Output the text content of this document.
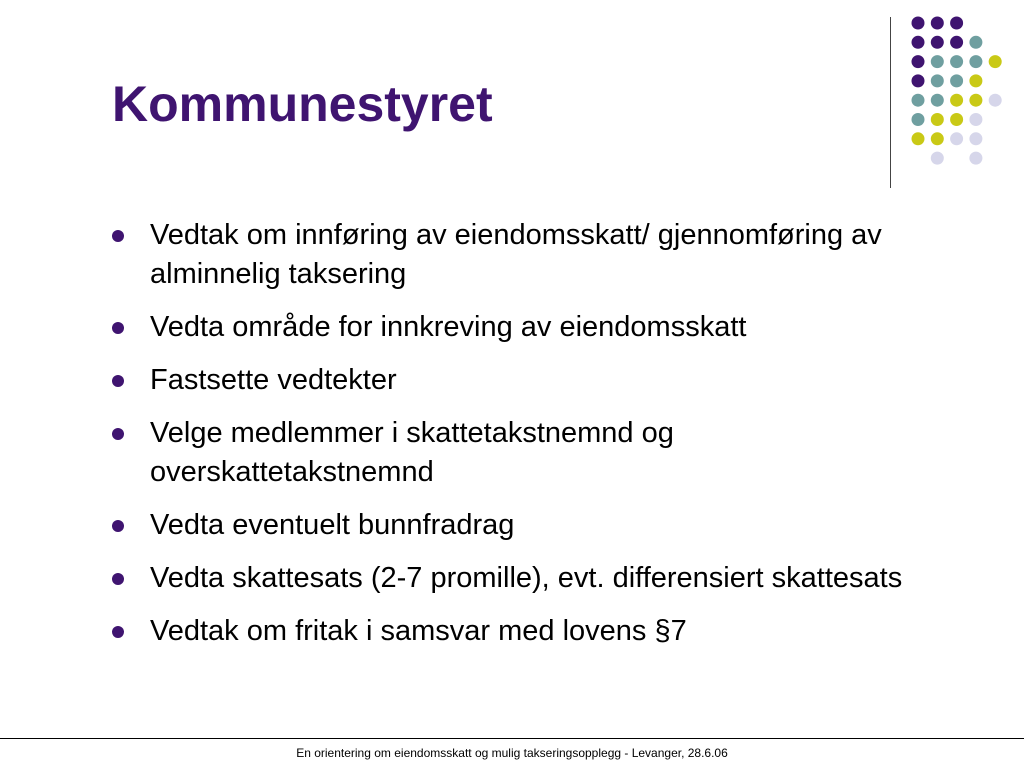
Kommunestyret
Vedtak om innføring av eiendomsskatt/ gjennomføring av alminnelig taksering
Vedta område for innkreving av eiendomsskatt
Fastsette vedtekter
Velge medlemmer i skattetakstnemnd og overskattetakstnemnd
Vedta eventuelt bunnfradrag
Vedta skattesats (2-7 promille), evt. differensiert skattesats
Vedtak om fritak i samsvar med lovens §7
En orientering om eiendomsskatt og mulig takseringsopplegg - Levanger, 28.6.06
